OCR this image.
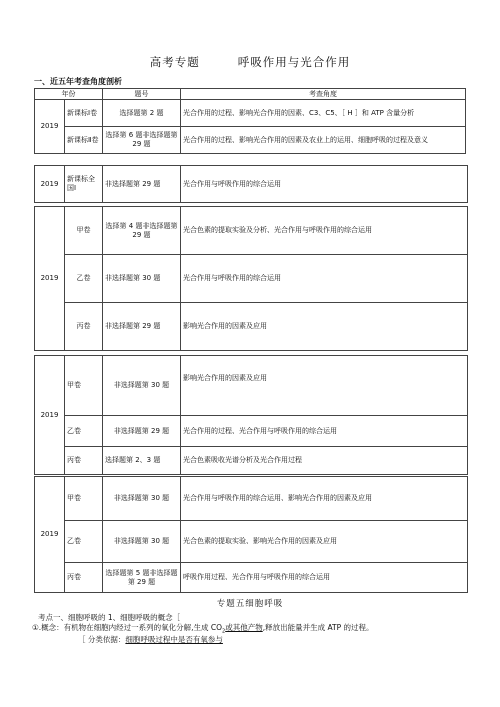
高考专题	呼吸作用与光合作用
一、近五年考查角度剖析
年份		题号	考查角度
2019	新课标Ⅰ卷	选择题第 2 题	光合作用的过程、影响光合作用的因素、C3、C5、［ H ］和 ATP 含量分析
	新课标Ⅱ卷	选择第 6 题非选择题第 29 题	光合作用的过程、影响光合作用的因素及农业上的运用、细胞呼吸的过程及意义
2019	新课标全国Ⅰ	非选择题第 29 题	光合作用与呼吸作用的综合运用
2019	甲卷	选择第 4 题非选择题第 29 题	光合色素的提取实验及分析、光合作用与呼吸作用的综合运用
	乙卷	非选择题第 30 题	光合作用与呼吸作用的综合运用
	丙卷	非选择题第 29 题	影响光合作用的因素及应用
2019	甲卷	非选择题第 30 题	影响光合作用的因素及应用
	乙卷	非选择题第 29 题	光合作用的过程、光合作用与呼吸作用的综合运用
	丙卷	选择题第 2、3 题	光合色素吸收光谱分析及光合作用过程
2019	甲卷	非选择题第 30 题	光合作用与呼吸作用的综合运用、影响光合作用的因素及应用
	乙卷	非选择题第 30 题	光合色素的提取实验、影响光合作用的因素及应用
	丙卷	选择题第 5 题非选择题第 29 题	呼吸作用过程、光合作用与呼吸作用的综合运用
专题五细胞呼吸
考点一、细胞呼吸的 1、细胞呼吸的概念［
①.概念：有机物在细胞内经过一系列的氧化分解,生成 $CO_2$或其他产物,释放出能量并生成 ATP 的过程。
［ 分类依据：细胞呼吸过程中是否有氧参与
